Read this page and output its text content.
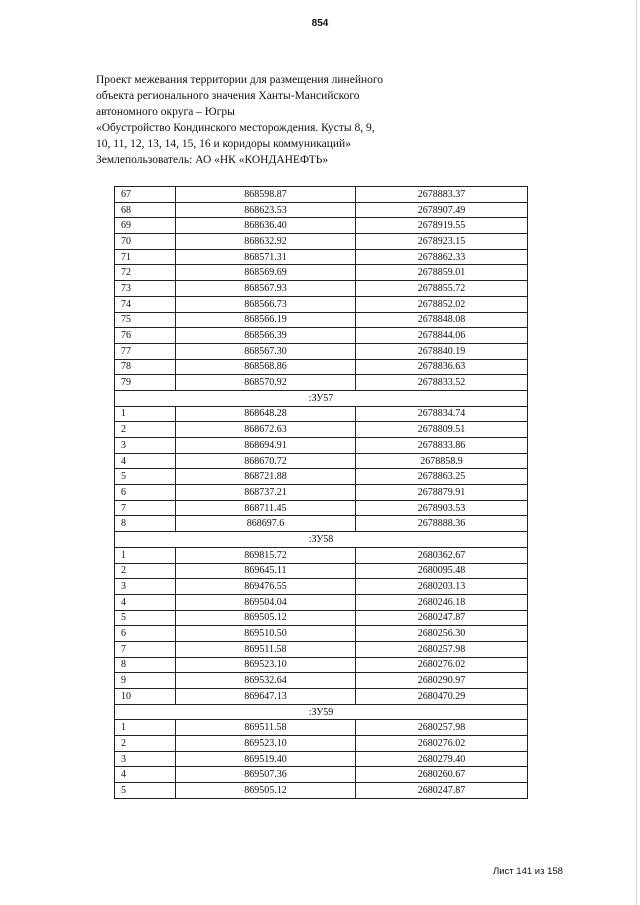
854
Проект межевания территории для размещения линейного
объекта регионального значения Ханты-Мансийского
автономного округа – Югры
«Обустройство Кондинского месторождения. Кусты 8, 9,
10, 11, 12, 13, 14, 15, 16 и коридоры коммуникаций»
Землепользователь: АО «НК «КОНДАНЕФТЬ»
67	868598.87	2678883.37
68	868623.53	2678907.49
69	868636.40	2678919.55
70	868632.92	2678923.15
71	868571.31	2678862.33
72	868569.69	2678859.01
73	868567.93	2678855.72
74	868566.73	2678852.02
75	868566.19	2678848.08
76	868566.39	2678844.06
77	868567.30	2678840.19
78	868568.86	2678836.63
79	868570.92	2678833.52
:ЗУ57		
1	868648.28	2678834.74
2	868672.63	2678809.51
3	868694.91	2678833.86
4	868670.72	2678858.9
5	868721.88	2678863.25
6	868737.21	2678879.91
7	868711.45	2678903.53
8	868697.6	2678888.36
:ЗУ58		
1	869815.72	2680362.67
2	869645.11	2680095.48
3	869476.55	2680203.13
4	869504.04	2680246.18
5	869505.12	2680247.87
6	869510.50	2680256.30
7	869511.58	2680257.98
8	869523.10	2680276.02
9	869532.64	2680290.97
10	869647.13	2680470.29
:ЗУ59		
1	869511.58	2680257.98
2	869523.10	2680276.02
3	869519.40	2680279.40
4	869507.36	2680260.67
5	869505.12	2680247.87
Лист 141 из 158
